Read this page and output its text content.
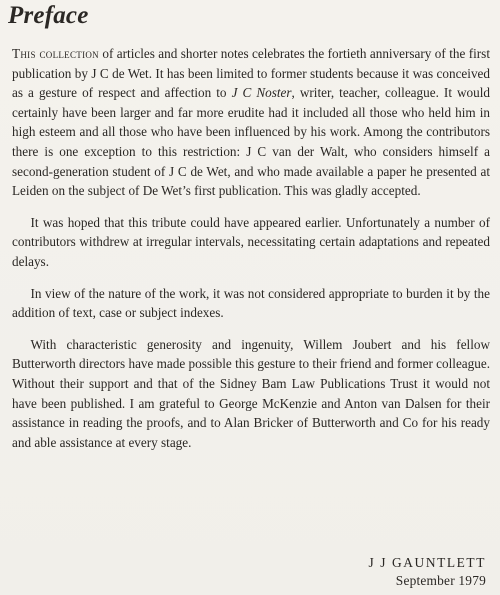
Preface

This collection of articles and shorter notes celebrates the fortieth anniversary of the first publication by J C de Wet. It has been limited to former students because it was conceived as a gesture of respect and affection to J C Noster, writer, teacher, colleague. It would certainly have been larger and far more erudite had it included all those who held him in high esteem and all those who have been influenced by his work. Among the contributors there is one exception to this restriction: J C van der Walt, who considers himself a second-generation student of J C de Wet, and who made available a paper he presented at Leiden on the subject of De Wet’s first publication. This was gladly accepted.

It was hoped that this tribute could have appeared earlier. Unfortunately a number of contributors withdrew at irregular intervals, necessitating certain adaptations and repeated delays.

In view of the nature of the work, it was not considered appropriate to burden it by the addition of text, case or subject indexes.

With characteristic generosity and ingenuity, Willem Joubert and his fellow Butterworth directors have made possible this gesture to their friend and former colleague. Without their support and that of the Sidney Bam Law Publications Trust it would not have been published. I am grateful to George McKenzie and Anton van Dalsen for their assistance in reading the proofs, and to Alan Bricker of Butterworth and Co for his ready and able assistance at every stage.

J J GAUNTLETT
September 1979
